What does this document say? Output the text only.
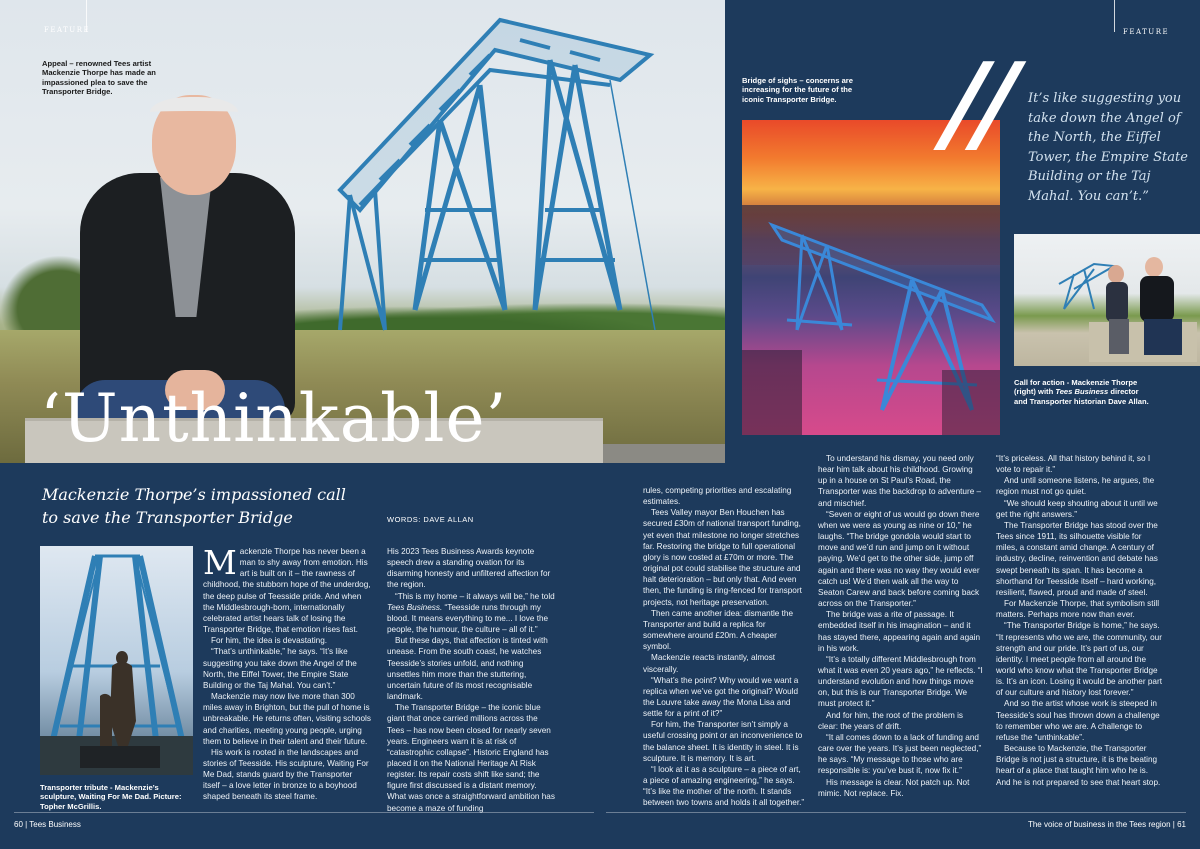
FEATURE
Appeal – renowned Tees artist Mackenzie Thorpe has made an impassioned plea to save the Transporter Bridge.
‘Unthinkable’
FEATURE
Bridge of sighs – concerns are increasing for the future of the iconic Transporter Bridge. // It’s like suggesting you take down the Angel of the North, the Eiffel Tower, the Empire State Building or the Taj Mahal. You can’t.”
Call for action - Mackenzie Thorpe (right) with Tees Business director and Transporter historian Dave Allan.
Mackenzie Thorpe’s impassioned call to save the Transporter Bridge	WORDS: DAVE ALLAN
Transporter tribute - Mackenzie’s sculpture, Waiting For Me Dad. Picture: Topher McGrillis.

Mackenzie Thorpe has never been a man to shy away from emotion. His art is built on it – the rawness of childhood, the stubborn hope of the underdog, the deep pulse of Teesside pride. And when the Middlesbrough-born, internationally celebrated artist hears talk of losing the Transporter Bridge, that emotion rises fast.

For him, the idea is devastating.

“That’s unthinkable,” he says. “It’s like suggesting you take down the Angel of the North, the Eiffel Tower, the Empire State Building or the Taj Mahal. You can’t.”

Mackenzie may now live more than 300 miles away in Brighton, but the pull of home is unbreakable. He returns often, visiting schools and charities, meeting young people, urging them to believe in their talent and their future.

His work is rooted in the landscapes and stories of Teesside. His sculpture, Waiting For Me Dad, stands guard by the Transporter itself – a love letter in bronze to a boyhood shaped beneath its steel frame.

His 2023 Tees Business Awards keynote speech drew a standing ovation for its disarming honesty and unfiltered affection for the region.

“This is my home – it always will be,” he told Tees Business. “Teesside runs through my blood. It means everything to me... I love the people, the humour, the culture – all of it.”

But these days, that affection is tinted with unease. From the south coast, he watches Teesside’s stories unfold, and nothing unsettles him more than the stuttering, uncertain future of its most recognisable landmark.

The Transporter Bridge – the iconic blue giant that once carried millions across the Tees – has now been closed for nearly seven years. Engineers warn it is at risk of “catastrophic collapse”. Historic England has placed it on the National Heritage At Risk register. Its repair costs shift like sand; the figure first discussed is a distant memory. What was once a straightforward ambition has become a maze of funding

rules, competing priorities and escalating estimates.

Tees Valley mayor Ben Houchen has secured £30m of national transport funding, yet even that milestone no longer stretches far. Restoring the bridge to full operational glory is now costed at £70m or more. The original pot could stabilise the structure and halt deterioration – but only that. And even then, the funding is ring-fenced for transport projects, not heritage preservation.

Then came another idea: dismantle the Transporter and build a replica for somewhere around £20m. A cheaper symbol.

Mackenzie reacts instantly, almost viscerally.

“What’s the point? Why would we want a replica when we’ve got the original? Would the Louvre take away the Mona Lisa and settle for a print of it?”

For him, the Transporter isn’t simply a useful crossing point or an inconvenience to the balance sheet. It is identity in steel. It is sculpture. It is memory. It is art.

“I look at it as a sculpture – a piece of art, a piece of amazing engineering,” he says. “It’s like the mother of the north. It stands between two towns and holds it all together.”

To understand his dismay, you need only hear him talk about his childhood. Growing up in a house on St Paul’s Road, the Transporter was the backdrop to adventure – and mischief.

“Seven or eight of us would go down there when we were as young as nine or 10,” he laughs. “The bridge gondola would start to move and we’d run and jump on it without paying. We’d get to the other side, jump off again and there was no way they would ever catch us! We’d then walk all the way to Seaton Carew and back before coming back across on the Transporter.”

The bridge was a rite of passage. It embedded itself in his imagination – and it has stayed there, appearing again and again in his work.

“It’s a totally different Middlesbrough from what it was even 20 years ago,” he reflects. “I understand evolution and how things move on, but this is our Transporter Bridge. We must protect it.”

And for him, the root of the problem is clear: the years of drift.

“It all comes down to a lack of funding and care over the years. It’s just been neglected,” he says. “My message to those who are responsible is: you’ve bust it, now fix it.”

His message is clear. Not patch up. Not mimic. Not replace. Fix.

“It’s priceless. All that history behind it, so I vote to repair it.”

And until someone listens, he argues, the region must not go quiet.

“We should keep shouting about it until we get the right answers.”

The Transporter Bridge has stood over the Tees since 1911, its silhouette visible for miles, a constant amid change. A century of industry, decline, reinvention and debate has swept beneath its span. It has become a shorthand for Teesside itself – hard working, resilient, flawed, proud and made of steel.

For Mackenzie Thorpe, that symbolism still matters. Perhaps more now than ever.

“The Transporter Bridge is home,” he says. “It represents who we are, the community, our strength and our pride. It’s part of us, our identity. I meet people from all around the world who know what the Transporter Bridge is. It’s an icon. Losing it would be another part of our culture and history lost forever.”

And so the artist whose work is steeped in Teesside’s soul has thrown down a challenge to remember who we are. A challenge to refuse the “unthinkable”.

Because to Mackenzie, the Transporter Bridge is not just a structure, it is the beating heart of a place that taught him who he is. And he is not prepared to see that heart stop.

60 | Tees Business	The voice of business in the Tees region | 61
